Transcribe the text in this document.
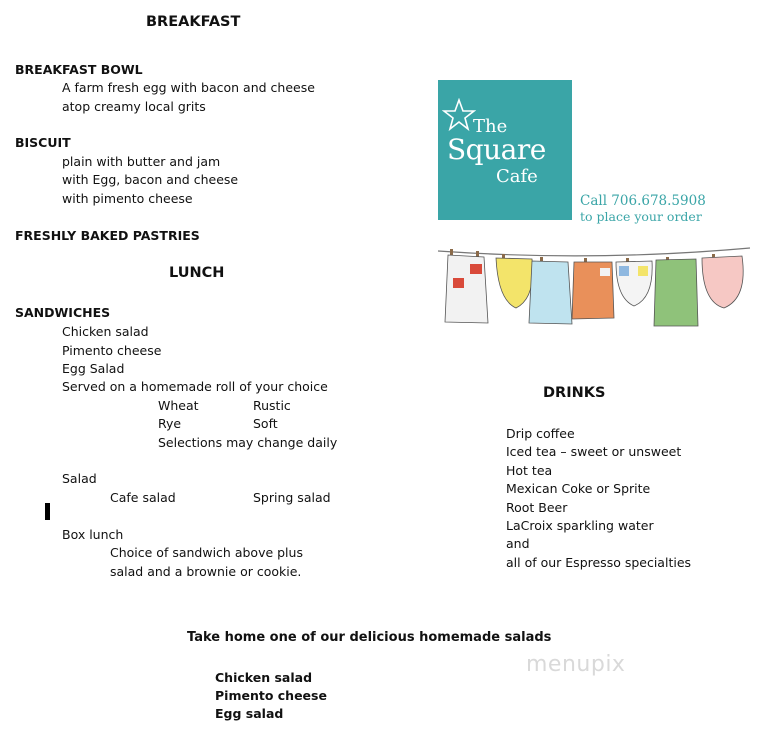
BREAKFAST
BREAKFAST BOWL
A farm fresh egg with bacon and cheese
atop creamy local grits
BISCUIT
plain with butter and jam
with Egg, bacon and cheese
with pimento cheese
FRESHLY BAKED PASTRIES
LUNCH
SANDWICHES
Chicken salad
Pimento cheese
Egg Salad
Served on a homemade roll of your choice
Wheat	Rustic
Rye	Soft
Selections may change daily
Salad
Cafe salad	Spring salad
Box lunch
Choice of sandwich above plus
salad and a brownie or cookie.
The
Square
Cafe
Call 706.678.5908
to place your order
DRINKS
Drip coffee
Iced tea – sweet or unsweet
Hot tea
Mexican Coke or Sprite
Root Beer
LaCroix sparkling water
and
all of our Espresso specialties
Take home one of our delicious homemade salads
Chicken salad
Pimento cheese
Egg salad
menupix
